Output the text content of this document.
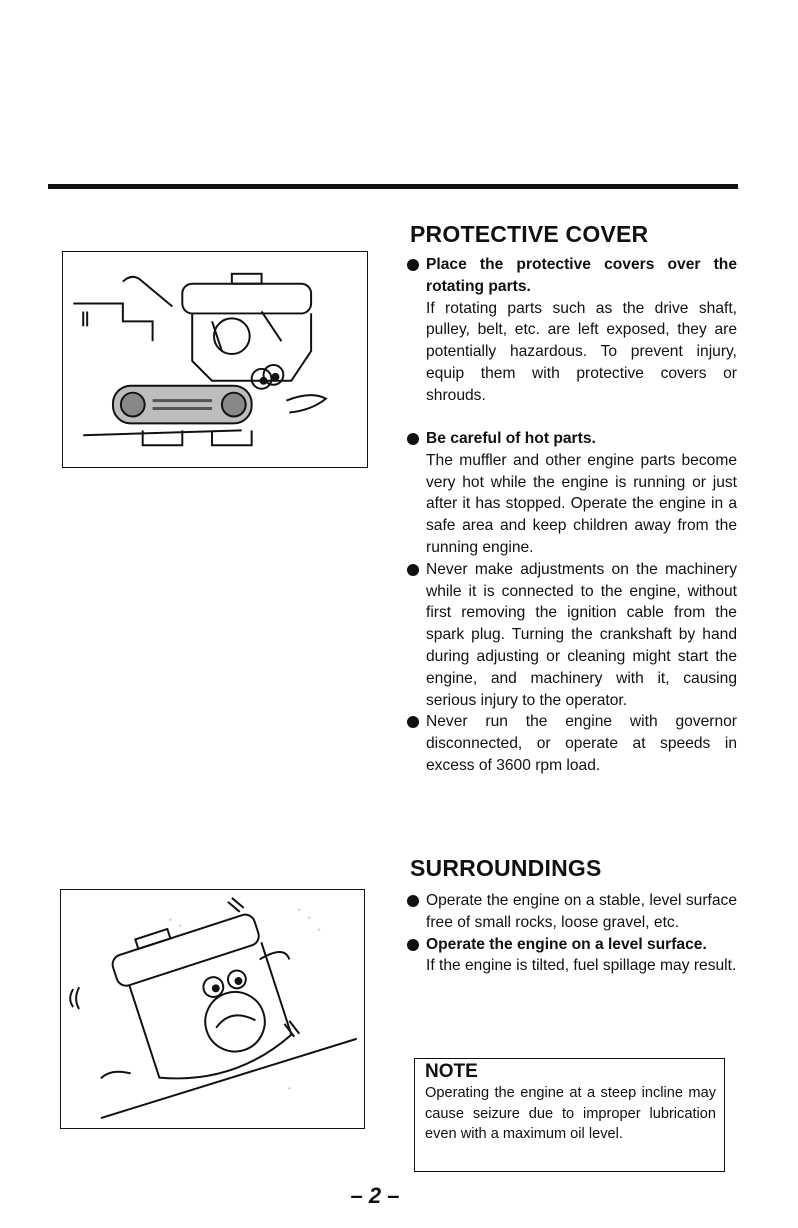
PROTECTIVE COVER
Place the protective covers over the rotating parts.
If rotating parts such as the drive shaft, pulley, belt, etc. are left exposed, they are potentially hazardous. To prevent injury, equip them with protective covers or shrouds.
Be careful of hot parts.
The muffler and other engine parts become very hot while the engine is running or just after it has stopped. Operate the engine in a safe area and keep children away from the running engine.
Never make adjustments on the machinery while it is connected to the engine, without first removing the ignition cable from the spark plug. Turning the crankshaft by hand during adjusting or cleaning might start the engine, and machinery with it, causing serious injury to the operator.
Never run the engine with governor disconnected, or operate at speeds in excess of 3600 rpm load.
SURROUNDINGS
Operate the engine on a stable, level surface free of small rocks, loose gravel, etc.
Operate the engine on a level surface.
If the engine is tilted, fuel spillage may result.
NOTE
Operating the engine at a steep incline may cause seizure due to improper lubrication even with a maximum oil level.
– 2 –
